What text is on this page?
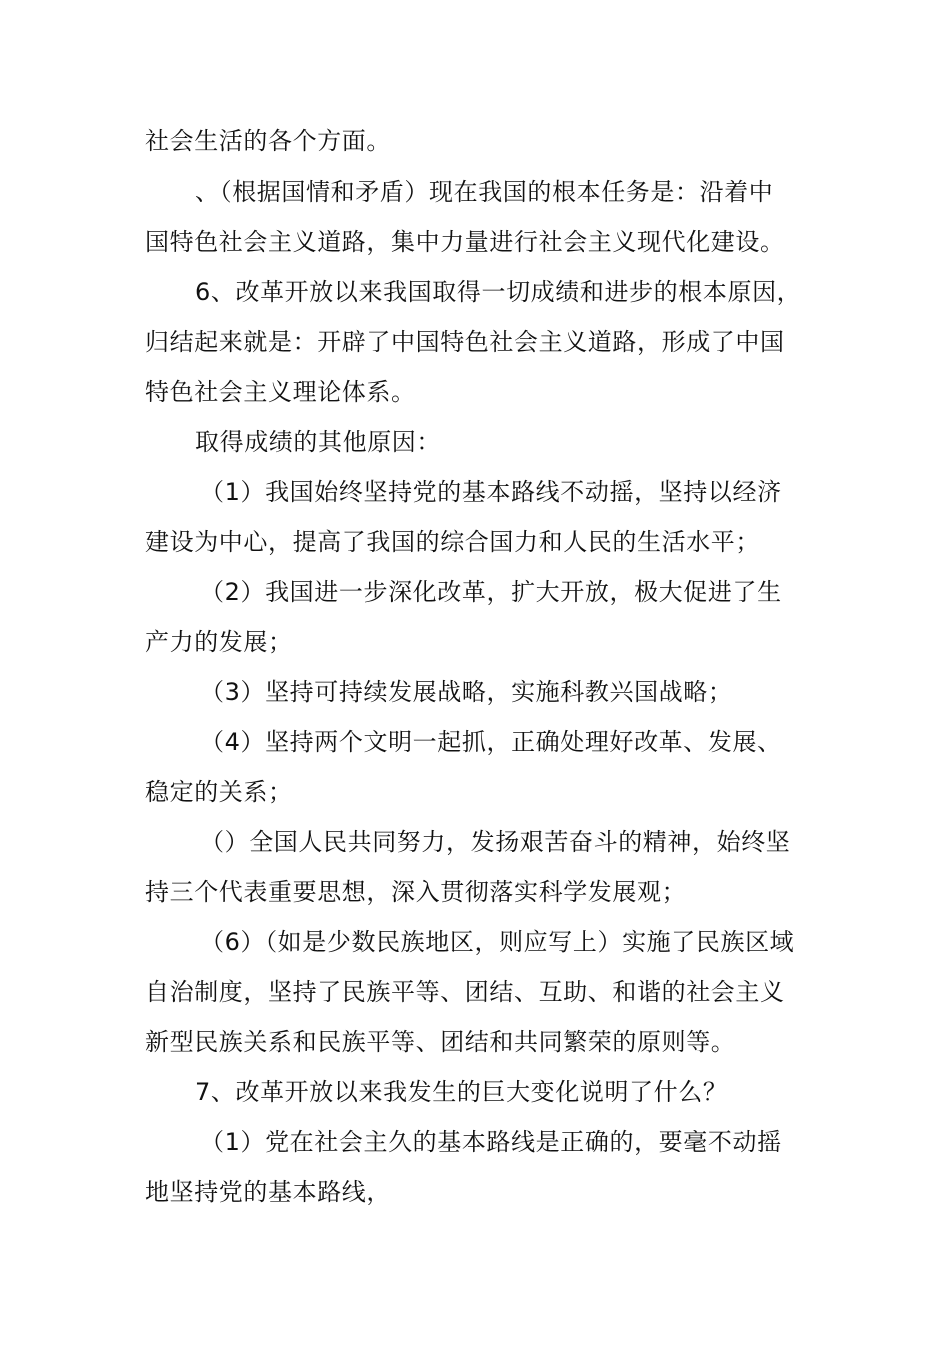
社会生活的各个方面。
、（根据国情和矛盾）现在我国的根本任务是：沿着中
国特色社会主义道路，集中力量进行社会主义现代化建设。
6、改革开放以来我国取得一切成绩和进步的根本原因，
归结起来就是：开辟了中国特色社会主义道路，形成了中国
特色社会主义理论体系。
取得成绩的其他原因：
（1）我国始终坚持党的基本路线不动摇，坚持以经济
建设为中心，提高了我国的综合国力和人民的生活水平；
（2）我国进一步深化改革，扩大开放，极大促进了生
产力的发展；
（3）坚持可持续发展战略，实施科教兴国战略；
（4）坚持两个文明一起抓，正确处理好改革、发展、
稳定的关系；
（）全国人民共同努力，发扬艰苦奋斗的精神，始终坚
持三个代表重要思想，深入贯彻落实科学发展观；
（6）（如是少数民族地区，则应写上）实施了民族区域
自治制度，坚持了民族平等、团结、互助、和谐的社会主义
新型民族关系和民族平等、团结和共同繁荣的原则等。
7、改革开放以来我发生的巨大变化说明了什么？
（1）党在社会主久的基本路线是正确的，要毫不动摇
地坚持党的基本路线，
